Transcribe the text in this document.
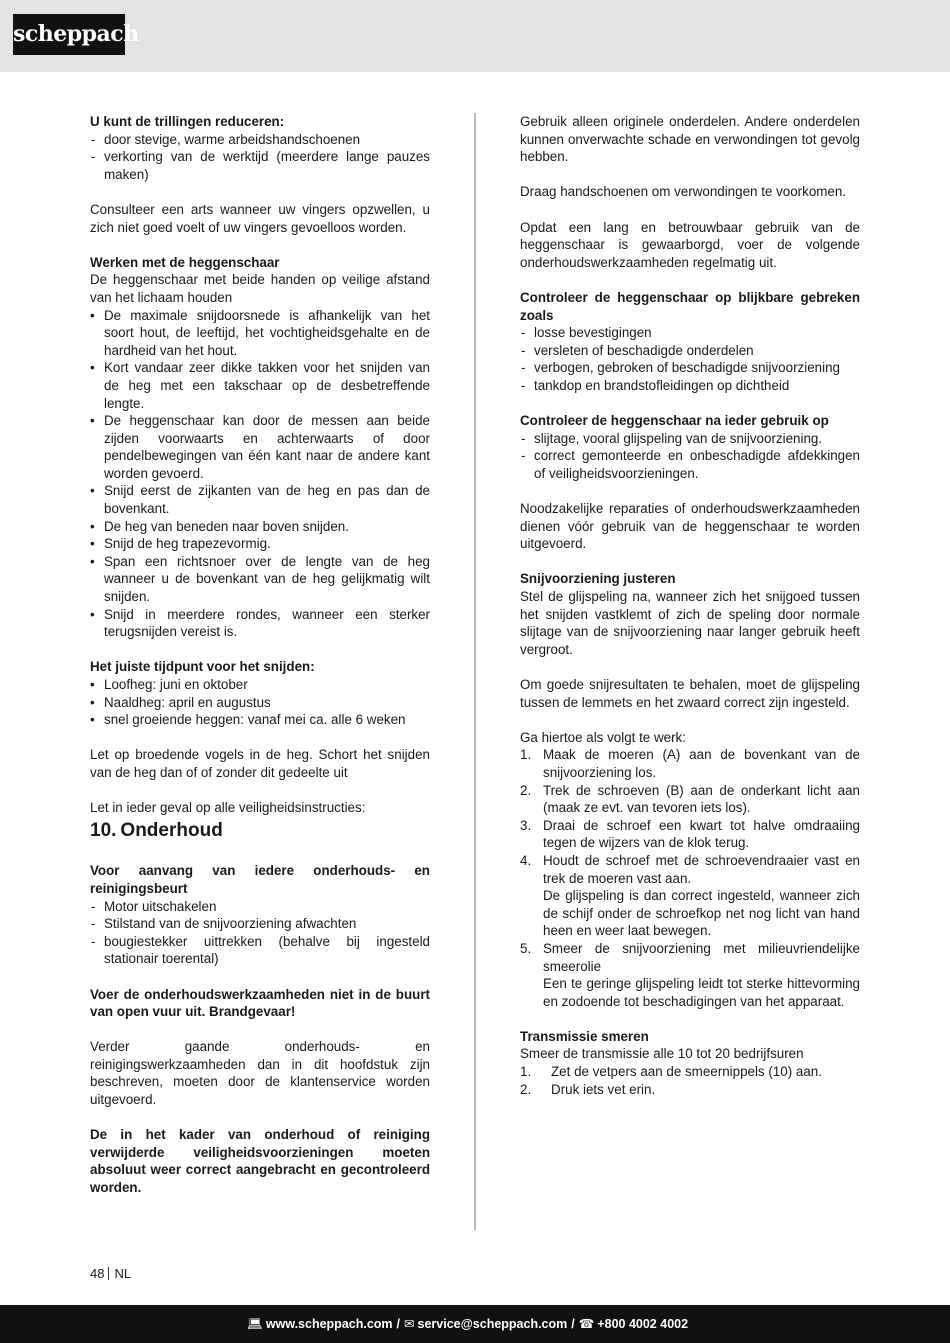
scheppach

U kunt de trillingen reduceren:

- door stevige, warme arbeidshandschoenen
- verkorting van de werktijd (meerdere lange pauzes maken)

Consulteer een arts wanneer uw vingers opzwellen, u zich niet goed voelt of uw vingers gevoelloos worden.

Werken met de heggenschaar

De heggenschaar met beide handen op veilige afstand van het lichaam houden

• De maximale snijdoorsnede is afhankelijk van het soort hout, de leeftijd, het vochtigheidsgehalte en de hardheid van het hout.
• Kort vandaar zeer dikke takken voor het snijden van de heg met een takschaar op de desbetreffende lengte.
• De heggenschaar kan door de messen aan beide zijden voorwaarts en achterwaarts of door pendelbewegingen van één kant naar de andere kant worden gevoerd.
• Snijd eerst de zijkanten van de heg en pas dan de bovenkant.
• De heg van beneden naar boven snijden.
• Snijd de heg trapezevormig.
• Span een richtsnoer over de lengte van de heg wanneer u de bovenkant van de heg gelijkmatig wilt snijden.
• Snijd in meerdere rondes, wanneer een sterker terugsnijden vereist is.

Het juiste tijdpunt voor het snijden:

• Loofheg: juni en oktober
• Naaldheg: april en augustus
• snel groeiende heggen: vanaf mei ca. alle 6 weken

Let op broedende vogels in de heg. Schort het snijden van de heg dan of of zonder dit gedeelte uit

Let in ieder geval op alle veiligheidsinstructies:

10. Onderhoud

Voor aanvang van iedere onderhouds- en reinigingsbeurt

- Motor uitschakelen
- Stilstand van de snijvoorziening afwachten
- bougiestekker uittrekken (behalve bij ingesteld stationair toerental)

Voer de onderhoudswerkzaamheden niet in de buurt van open vuur uit. Brandgevaar!

Verder gaande onderhouds- en reinigingswerkzaamheden dan in dit hoofdstuk zijn beschreven, moeten door de klantenservice worden uitgevoerd.

De in het kader van onderhoud of reiniging verwijderde veiligheidsvoorzieningen moeten absoluut weer correct aangebracht en gecontroleerd worden.

Gebruik alleen originele onderdelen. Andere onderdelen kunnen onverwachte schade en verwondingen tot gevolg hebben.

Draag handschoenen om verwondingen te voorkomen.

Opdat een lang en betrouwbaar gebruik van de heggenschaar is gewaarborgd, voer de volgende onderhoudswerkzaamheden regelmatig uit.

Controleer de heggenschaar op blijkbare gebreken zoals

- losse bevestigingen
- versleten of beschadigde onderdelen
- verbogen, gebroken of beschadigde snijvoorziening
- tankdop en brandstofleidingen op dichtheid

Controleer de heggenschaar na ieder gebruik op

- slijtage, vooral glijspeling van de snijvoorziening.
- correct gemonteerde en onbeschadigde afdekkingen of veiligheidsvoorzieningen.

Noodzakelijke reparaties of onderhoudswerkzaamheden dienen vóór gebruik van de heggenschaar te worden uitgevoerd.

Snijvoorziening justeren

Stel de glijspeling na, wanneer zich het snijgoed tussen het snijden vastklemt of zich de speling door normale slijtage van de snijvoorziening naar langer gebruik heeft vergroot.

Om goede snijresultaten te behalen, moet de glijspeling tussen de lemmets en het zwaard correct zijn ingesteld.

Ga hiertoe als volgt te werk:

1. Maak de moeren (A) aan de bovenkant van de snijvoorziening los.
2. Trek de schroeven (B) aan de onderkant licht aan (maak ze evt. van tevoren iets los).
3. Draai de schroef een kwart tot halve omdraaiing tegen de wijzers van de klok terug.
4. Houdt de schroef met de schroevendraaier vast en trek de moeren vast aan.
De glijspeling is dan correct ingesteld, wanneer zich de schijf onder de schroefkop net nog licht van hand heen en weer laat bewegen.
5. Smeer de snijvoorziening met milieuvriendelijke smeerolie
Een te geringe glijspeling leidt tot sterke hittevorming en zodoende tot beschadigingen van het apparaat.

Transmissie smeren

Smeer de transmissie alle 10 tot 20 bedrijfsuren

1. Zet de vetpers aan de smeernippels (10) aan.
2. Druk iets vet erin.
48 NL
💻︎ www.scheppach.com / ✉︎ service@scheppach.com / ☎︎ +800 4002 4002
